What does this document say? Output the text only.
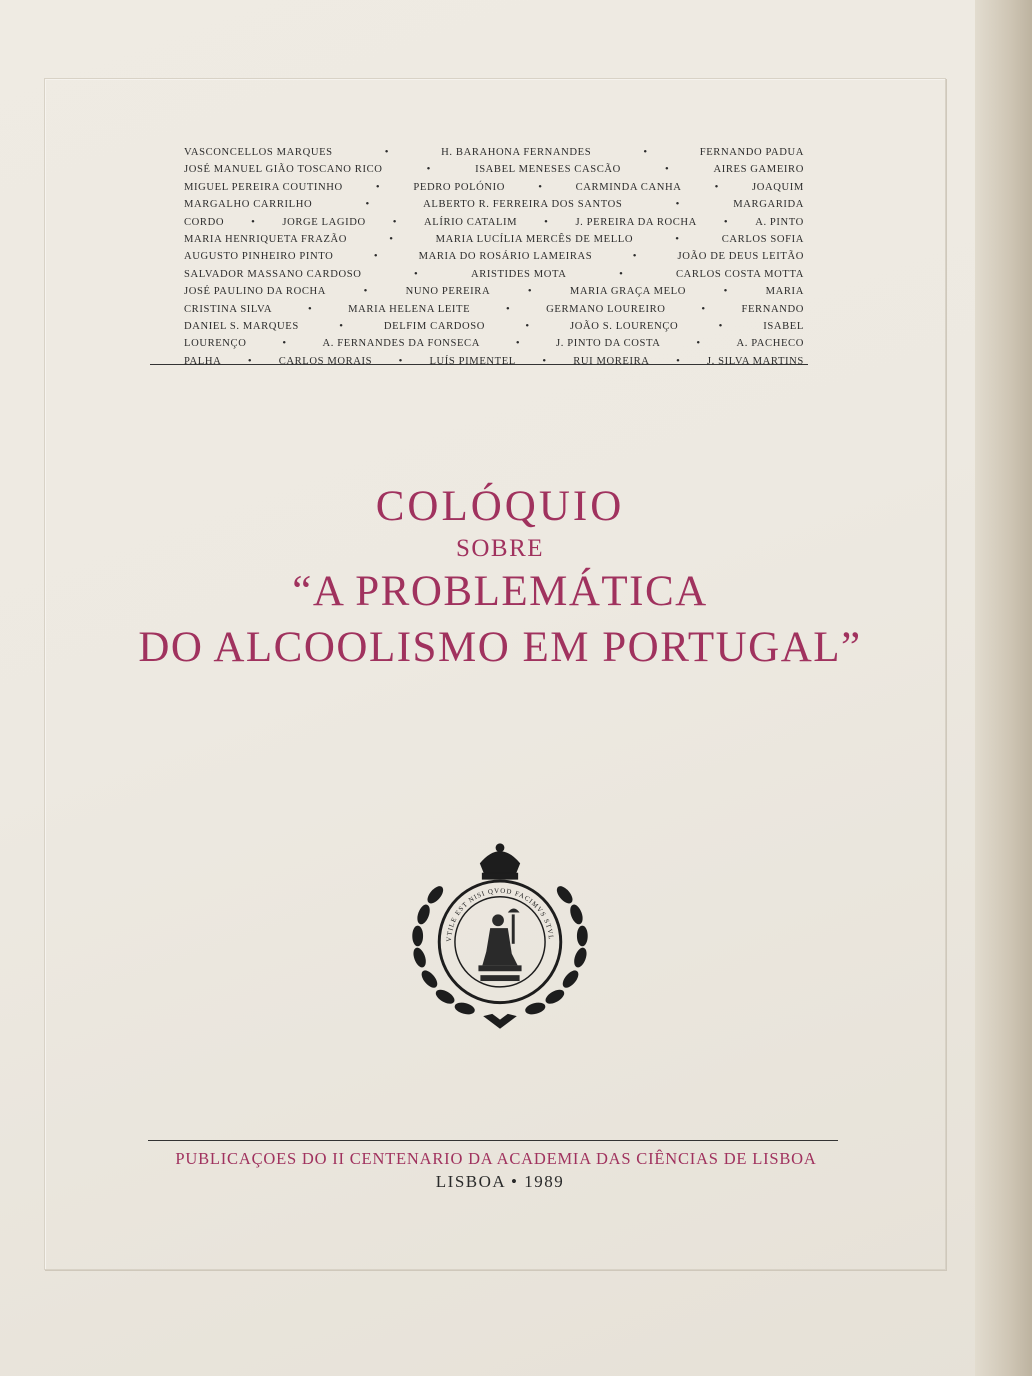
VASCONCELLOS MARQUES	•	H. BARAHONA FERNANDES	•	FERNANDO PADUA
JOSÉ MANUEL GIÃO TOSCANO RICO	•	ISABEL MENESES CASCÃO	•	AIRES GAMEIRO
MIGUEL PEREIRA COUTINHO	•	PEDRO POLÓNIO	•	CARMINDA CANHA	•	JOAQUIM
MARGALHO CARRILHO	•	ALBERTO R. FERREIRA DOS SANTOS	•	MARGARIDA
CORDO	•	JORGE LAGIDO	•	ALÍRIO CATALIM	•	J. PEREIRA DA ROCHA	•	A. PINTO
MARIA HENRIQUETA FRAZÃO	•	MARIA LUCÍLIA MERCÊS DE MELLO	•	CARLOS SOFIA
AUGUSTO PINHEIRO PINTO	•	MARIA DO ROSÁRIO LAMEIRAS	•	JOÃO DE DEUS LEITÃO
SALVADOR MASSANO CARDOSO	•	ARISTIDES MOTA	•	CARLOS COSTA MOTTA
JOSÉ PAULINO DA ROCHA	•	NUNO PEREIRA	•	MARIA GRAÇA MELO	•	MARIA
CRISTINA SILVA	•	MARIA HELENA LEITE	•	GERMANO LOUREIRO	•	FERNANDO
DANIEL S. MARQUES	•	DELFIM CARDOSO	•	JOÃO S. LOURENÇO	•	ISABEL
LOURENÇO	•	A. FERNANDES DA FONSECA	•	J. PINTO DA COSTA	•	A. PACHECO
PALHA	•	CARLOS MORAIS	•	LUÍS PIMENTEL	•	RUI MOREIRA	•	J. SILVA MARTINS
COLÓQUIO
SOBRE
“A PROBLEMÁTICA
DO ALCOOLISMO EM PORTUGAL”
VTILE EST NISI QVOD FACIMVS STVL
PUBLICAÇOES DO II CENTENARIO DA ACADEMIA DAS CIÊNCIAS DE LISBOA
LISBOA • 1989
